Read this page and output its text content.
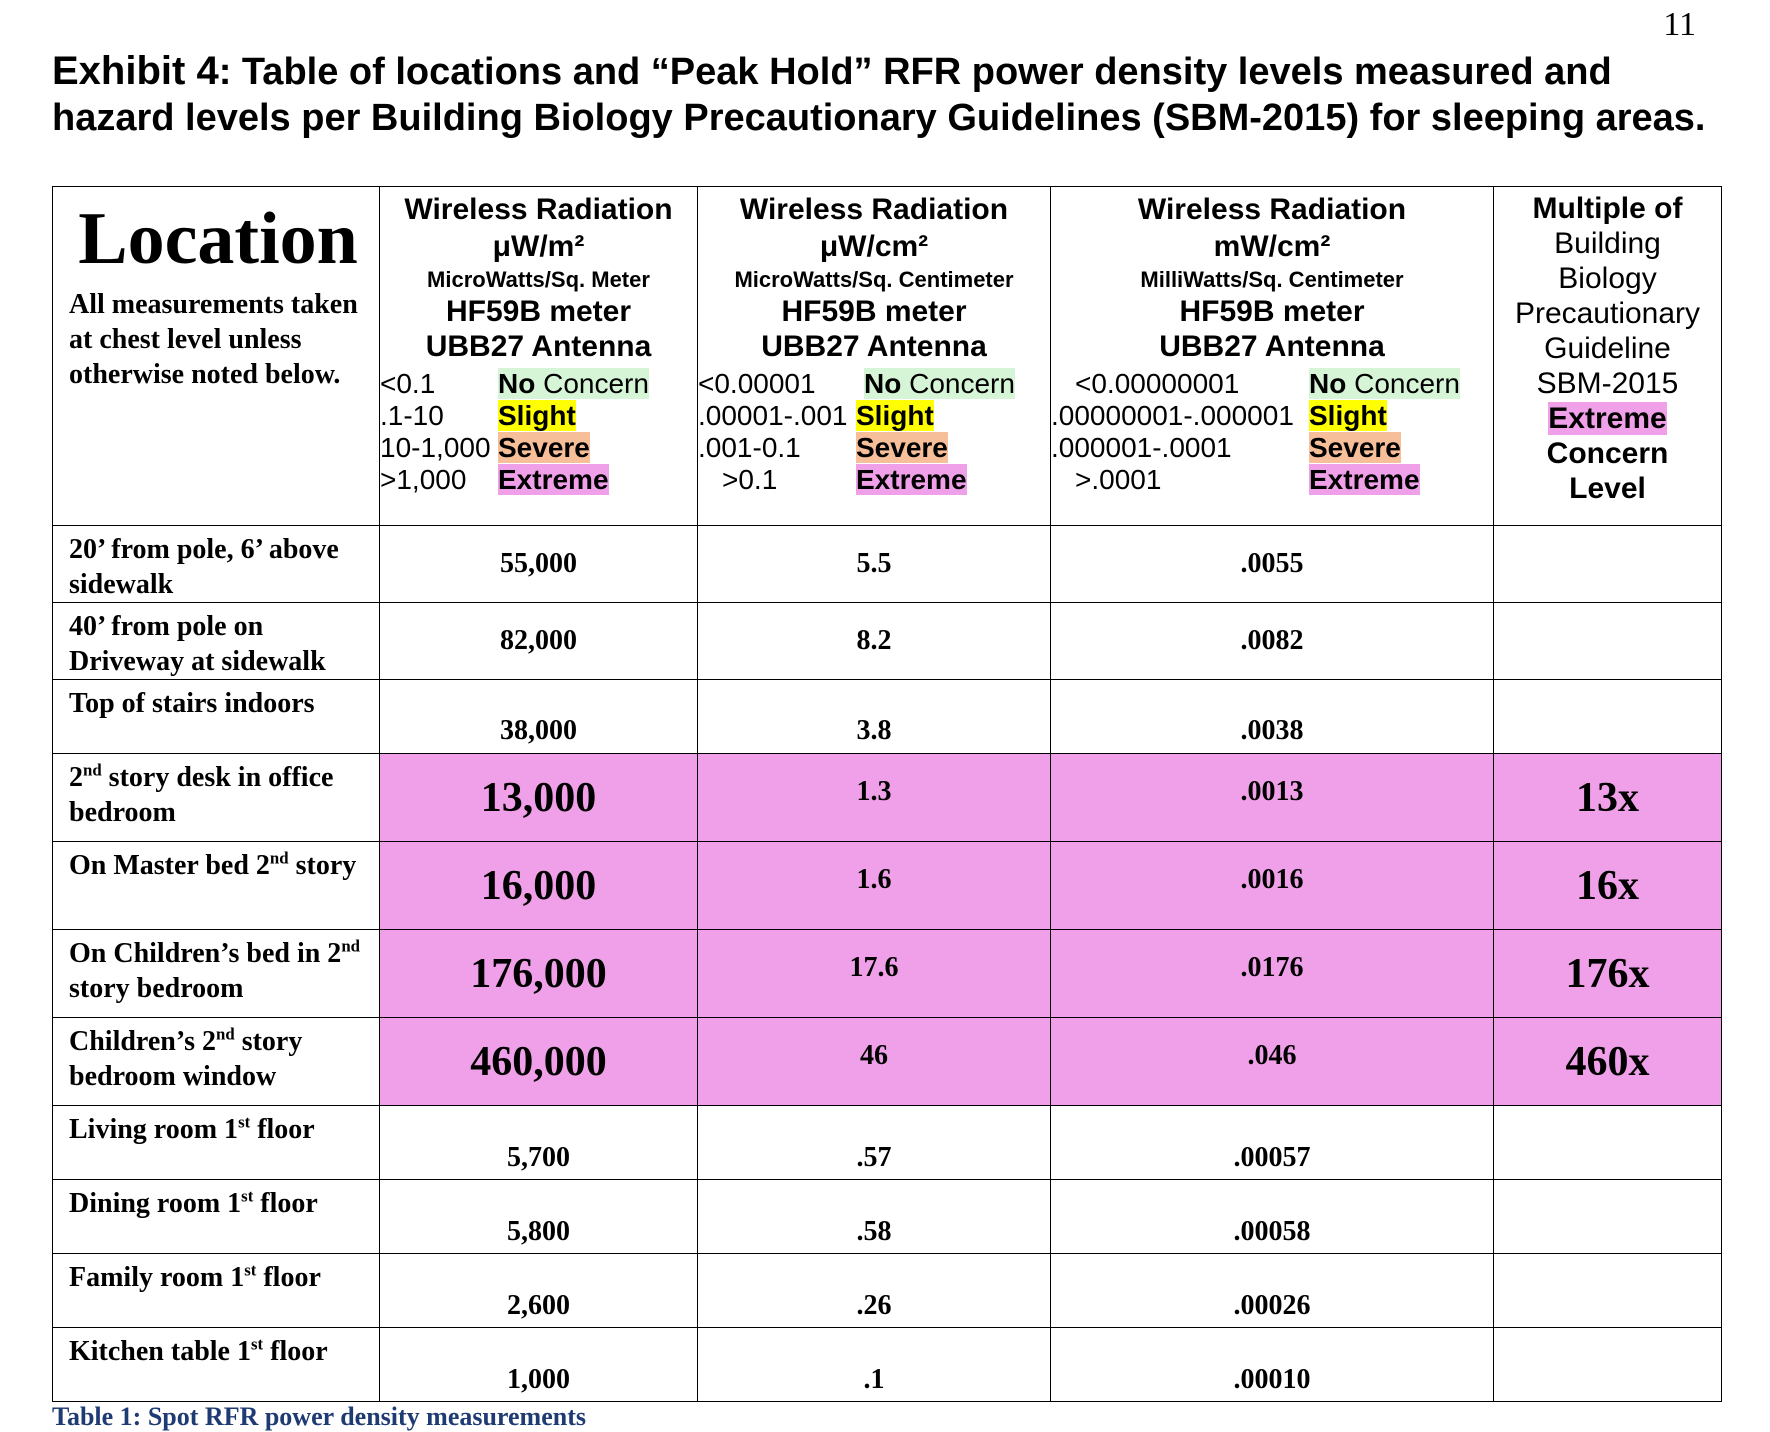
11
Exhibit 4: Table of locations and “Peak Hold” RFR power density levels measured and hazard levels per Building Biology Precautionary Guidelines (SBM-2015) for sleeping areas.
Location
All measurements taken at chest level unless otherwise noted below.

Wireless Radiation
μW/m²
MicroWatts/Sq. Meter
HF59B meter
UBB27 Antenna
<0.1	No Concern
.1-10	Slight
10-1,000	Severe
>1,000	Extreme

Wireless Radiation
μW/cm²
MicroWatts/Sq. Centimeter
HF59B meter
UBB27 Antenna
<0.00001	No Concern
.00001-.001	Slight
.001-0.1	Severe
>0.1	Extreme

Wireless Radiation
mW/cm²
MilliWatts/Sq. Centimeter
HF59B meter
UBB27 Antenna
<0.00000001	No Concern
.00000001-.000001	Slight
.000001-.0001	Severe
>.0001	Extreme

Multiple of
Building
Biology
Precautionary
Guideline
SBM-2015
Extreme
Concern
Level

20’ from pole, 6’ above sidewalk	55,000	5.5	.0055	
40’ from pole on Driveway at sidewalk	82,000	8.2	.0082	
Top of stairs indoors	38,000	3.8	.0038	
2nd story desk in office bedroom	13,000	1.3	.0013	13x
On Master bed 2nd story	16,000	1.6	.0016	16x
On Children’s bed in 2nd story bedroom	176,000	17.6	.0176	176x
Children’s 2nd story bedroom window	460,000	46	.046	460x
Living room 1st floor	5,700	.57	.00057	
Dining room 1st floor	5,800	.58	.00058	
Family room 1st floor	2,600	.26	.00026	
Kitchen table 1st floor	1,000	.1	.00010	
Table 1: Spot RFR power density measurements
